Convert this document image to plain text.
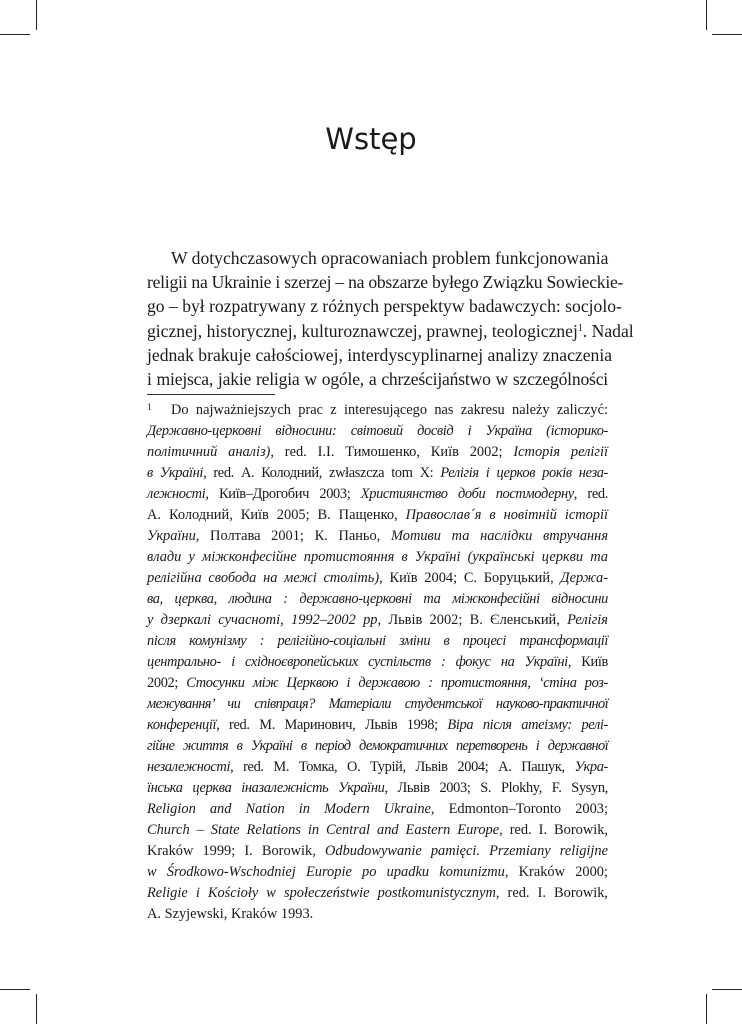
Wstęp
W dotychczasowych opracowaniach problem funkcjonowania
religii na Ukrainie i szerzej – na obszarze byłego Związku Sowieckie-
go – był rozpatrywany z różnych perspektyw badawczych: socjolo-
gicznej, historycznej, kulturoznawczej, prawnej, teologicznej$^1$. Nadal
jednak brakuje całościowej, interdyscyplinarnej analizy znaczenia
i miejsca, jakie religia w ogóle, a chrześcijaństwo w szczególności
1	Do najważniejszych prac z interesującego nas zakresu należy zaliczyć:
Державно-церковні відносини: світовий досвід і Україна (історико-
політичний аналіз), red. I.I. Тимошенко, Київ 2002; Історія релігії
в Україні, red. А. Колодний, zwłaszcza tom X: Релігія і церков років неза-
лежності, Київ–Дрогобич 2003; Християнство доби постмодерну, red.
А. Колодний, Київ 2005; В. Пащенко, Православ´я в новітній історії
України, Полтава 2001; К. Паньо, Мотиви та наслідки втручання
влади у міжконфесійне протистояння в Україні (українські церкви та
релігійна свобода на межі століть), Київ 2004; С. Боруцький, Держа-
ва, церква, людина : державно-церковні та міжконфесійні відносини
у дзеркалі сучасноті, 1992–2002 рр, Львів 2002; В. Єленський, Релігія
після комунізму : релігійно-соціальні зміни в процесі трансформації
центрально- і східноєвропейських суспільств : фокус на Україні, Київ
2002; Стосунки між Церквою і державою : протистояння, ‘стіна роз-
межування’ чи співпраця? Матеріали студентської науково-практичної
конференції, red. М. Маринович, Львів 1998; Віра після атеізму: релі-
гійне життя в Україні в період демократичних перетворень і державної
незалежності, red. М. Томка, О. Турій, Львів 2004; А. Пашук, Укра-
їнська церква іназалежність України, Львів 2003; S. Plokhy, F. Sysyn,
Religion and Nation in Modern Ukraine, Edmonton–Toronto 2003;
Church – State Relations in Central and Eastern Europe, red. I. Borowik,
Kraków 1999; I. Borowik, Odbudowywanie pamięci. Przemiany religijne
w Środkowo-Wschodniej Europie po upadku komunizmu, Kraków 2000;
Religie i Kościoły w społeczeństwie postkomunistycznym, red. I. Borowik,
A. Szyjewski, Kraków 1993.
